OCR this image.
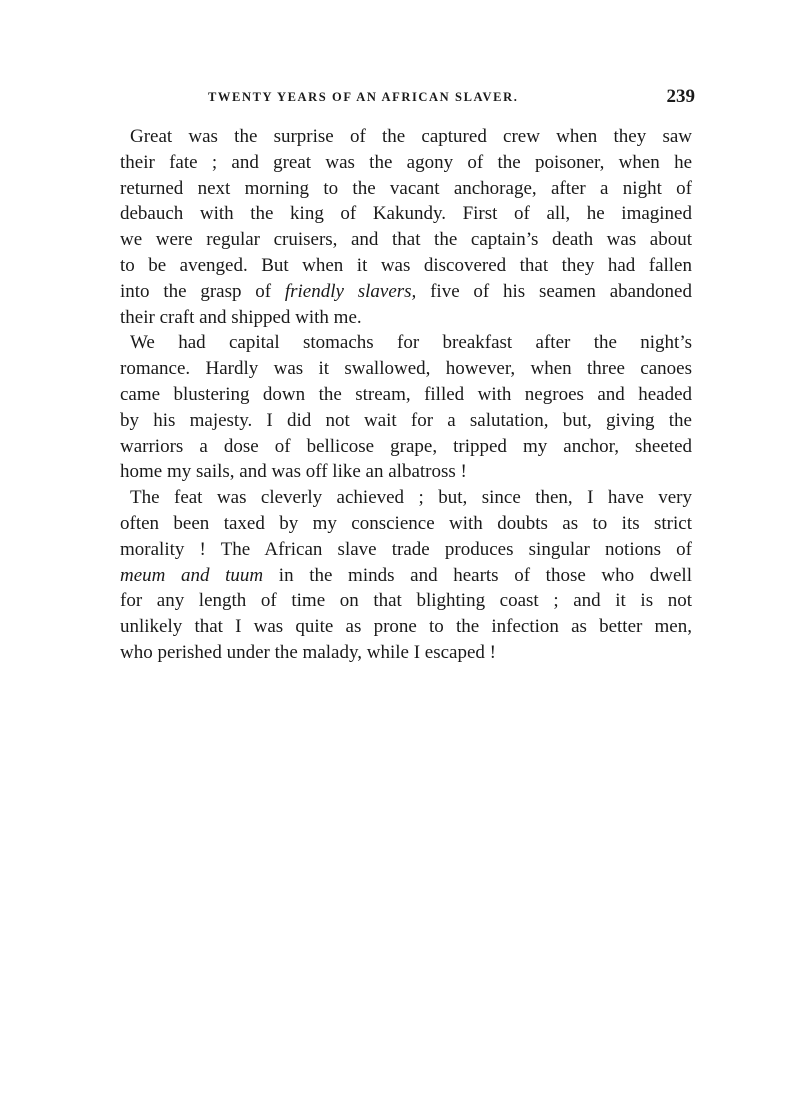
TWENTY YEARS OF AN AFRICAN SLAVER.	239
Great was the surprise of the captured crew when they saw
their fate ; and great was the agony of the poisoner, when he
returned next morning to the vacant anchorage, after a night of
debauch with the king of Kakundy. First of all, he imagined
we were regular cruisers, and that the captain’s death was about
to be avenged. But when it was discovered that they had fallen
into the grasp of friendly slavers, five of his seamen abandoned
their craft and shipped with me.
We had capital stomachs for breakfast after the night’s
romance. Hardly was it swallowed, however, when three canoes
came blustering down the stream, filled with negroes and headed
by his majesty. I did not wait for a salutation, but, giving the
warriors a dose of bellicose grape, tripped my anchor, sheeted
home my sails, and was off like an albatross !
The feat was cleverly achieved ; but, since then, I have very
often been taxed by my conscience with doubts as to its strict
morality ! The African slave trade produces singular notions of
meum and tuum in the minds and hearts of those who dwell
for any length of time on that blighting coast ; and it is not
unlikely that I was quite as prone to the infection as better men,
who perished under the malady, while I escaped !
